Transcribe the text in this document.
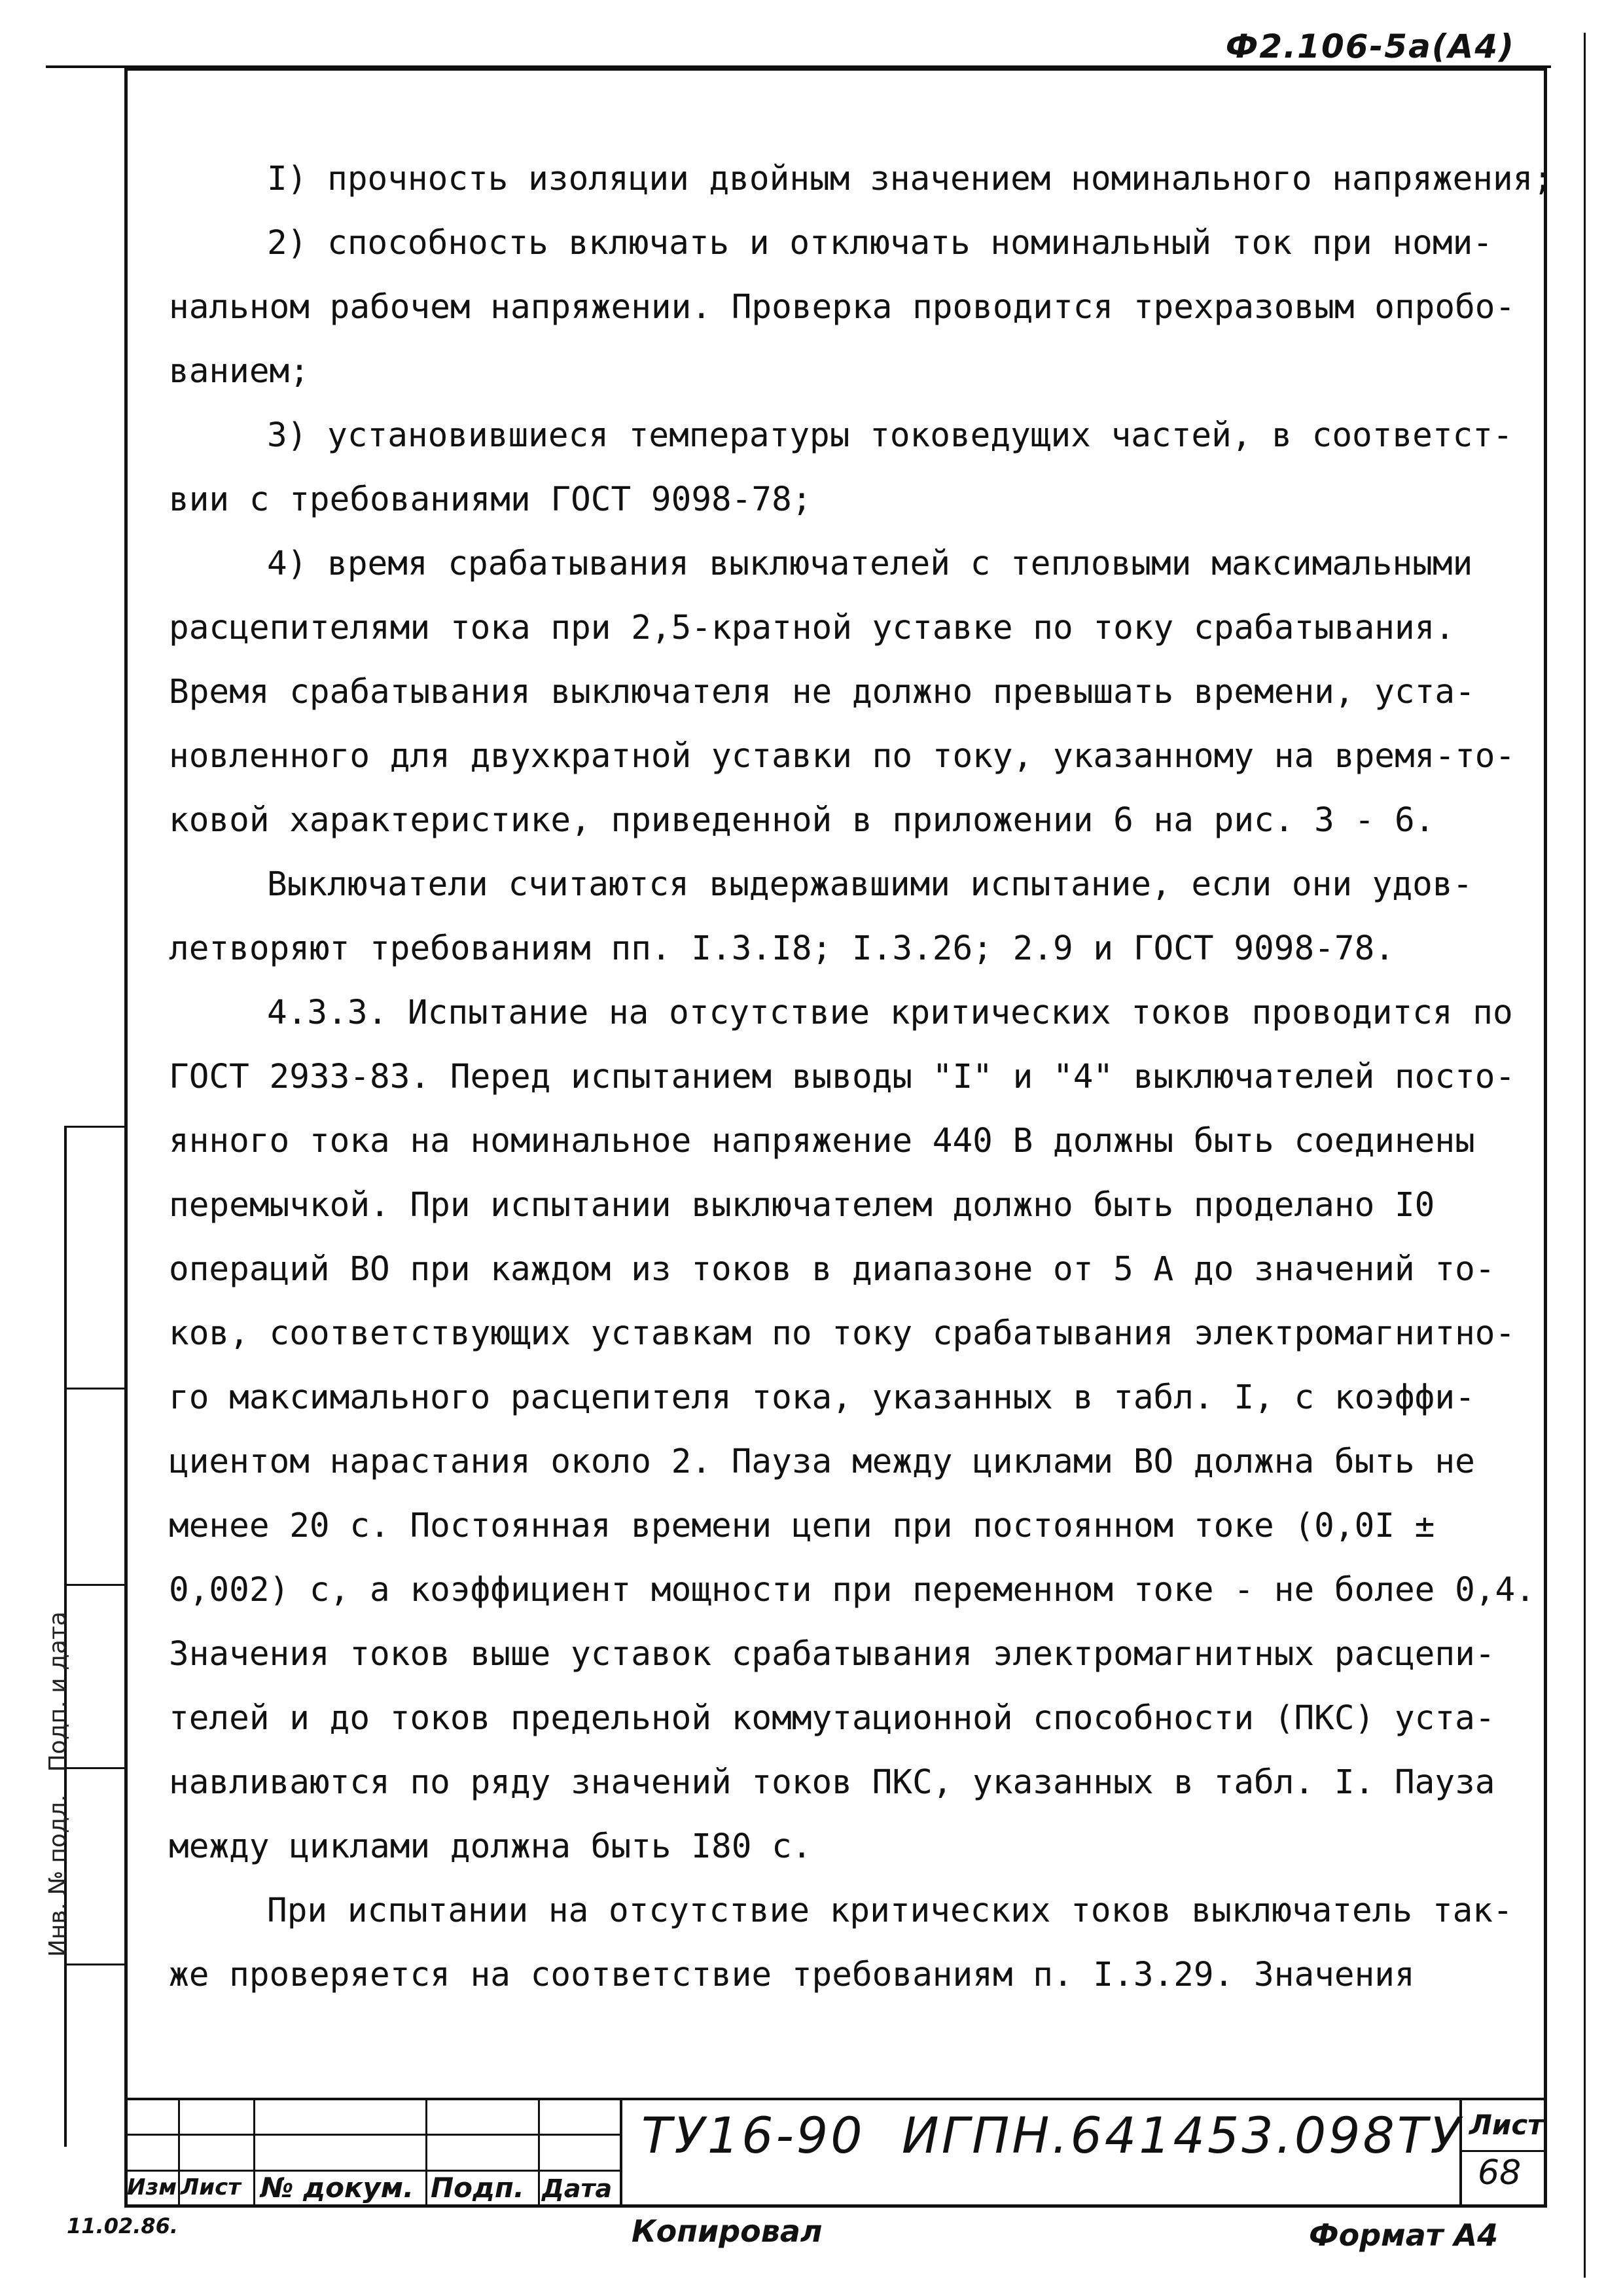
Ф2.106-5а(А4)
Инв. № подл.   Подп. и дата

I) прочность изоляции двойным значением номинального напряжения;

2) способность включать и отключать номинальный ток при номи-

нальном рабочем напряжении. Проверка проводится трехразовым опробо-

ванием;

3) установившиеся температуры токоведущих частей, в соответст-

вии с требованиями ГОСТ 9098-78;

4) время срабатывания выключателей с тепловыми максимальными

расцепителями тока при 2,5-кратной уставке по току срабатывания.

Время срабатывания выключателя не должно превышать времени, уста-

новленного для двухкратной уставки по току, указанному на время-то-

ковой характеристике, приведенной в приложении 6 на рис. 3 - 6.

Выключатели считаются выдержавшими испытание, если они удов-

летворяют требованиям пп. I.3.I8; I.3.26; 2.9 и ГОСТ 9098-78.

4.3.3. Испытание на отсутствие критических токов проводится по

ГОСТ 2933-83. Перед испытанием выводы "I" и "4" выключателей посто-

янного тока на номинальное напряжение 440 В должны быть соединены

перемычкой. При испытании выключателем должно быть проделано I0

операций ВО при каждом из токов в диапазоне от 5 А до значений то-

ков, соответствующих уставкам по току срабатывания электромагнитно-

го максимального расцепителя тока, указанных в табл. I, с коэффи-

циентом нарастания около 2. Пауза между циклами ВО должна быть не

менее 20 с. Постоянная времени цепи при постоянном токе (0,0I ±

0,002) с, а коэффициент мощности при переменном токе - не более 0,4.

Значения токов выше уставок срабатывания электромагнитных расцепи-

телей и до токов предельной коммутационной способности (ПКС) уста-

навливаются по ряду значений токов ПКС, указанных в табл. I. Пауза

между циклами должна быть I80 с.

При испытании на отсутствие критических токов выключатель так-

же проверяется на соответствие требованиям п. I.3.29. Значения

Изм Лист № докум. Подп. Дата
ТУ16-90  ИГПН.641453.098ТУ Лист
68
11.02.86.	Копировал	Формат А4
